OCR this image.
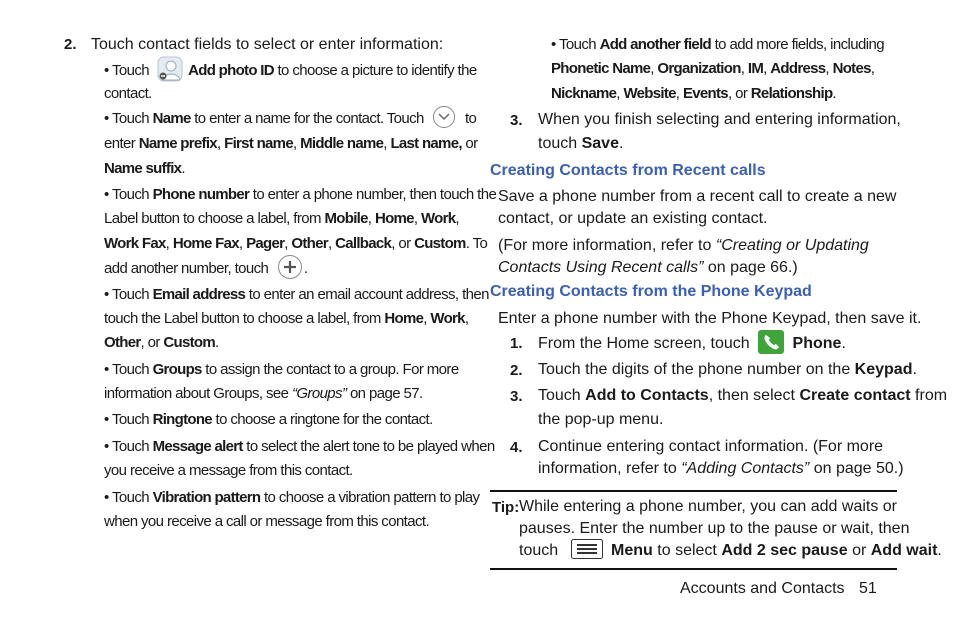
2. Touch contact fields to select or enter information:
• Touch	Add photo ID to choose a picture to identify the
contact.
• Touch Name to enter a name for the contact. Touch	to
enter Name prefix, First name, Middle name, Last name, or
Name suffix.
• Touch Phone number to enter a phone number, then touch the
Label button to choose a label, from Mobile, Home, Work,
Work Fax, Home Fax, Pager, Other, Callback, or Custom. To
add another number, touch .
• Touch Email address to enter an email account address, then
touch the Label button to choose a label, from Home, Work,
Other, or Custom.
• Touch Groups to assign the contact to a group. For more
information about Groups, see “Groups” on page 57.
• Touch Ringtone to choose a ringtone for the contact.
• Touch Message alert to select the alert tone to be played when
you receive a message from this contact.
• Touch Vibration pattern to choose a vibration pattern to play
when you receive a call or message from this contact.
• Touch Add another field to add more fields, including
Phonetic Name, Organization, IM, Address, Notes,
Nickname, Website, Events, or Relationship.
3. When you finish selecting and entering information,
touch Save.
Creating Contacts from Recent calls
Save a phone number from a recent call to create a new
contact, or update an existing contact.
(For more information, refer to “Creating or Updating
Contacts Using Recent calls” on page 66.)
Creating Contacts from the Phone Keypad
Enter a phone number with the Phone Keypad, then save it.
1. From the Home screen, touch	Phone.
2. Touch the digits of the phone number on the Keypad.
3. Touch Add to Contacts, then select Create contact from
the pop-up menu.
4. Continue entering contact information. (For more
information, refer to “Adding Contacts” on page 50.)
Tip: While entering a phone number, you can add waits or
pauses. Enter the number up to the pause or wait, then
touch	Menu to select Add 2 sec pause or Add wait.
Accounts and Contacts 51
